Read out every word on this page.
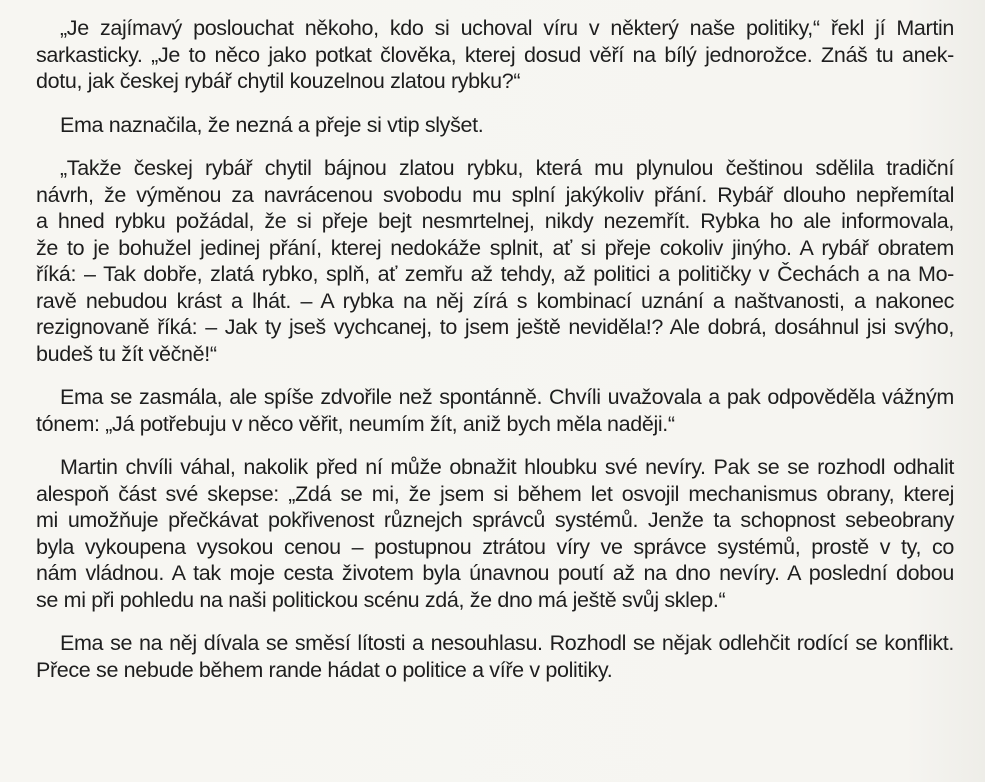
„Je zajímavý poslouchat někoho, kdo si uchoval víru v některý naše politiky,“ řekl jí Martin
sarkasticky. „Je to něco jako potkat člověka, kterej dosud věří na bílý jednorožce. Znáš tu anek-
dotu, jak českej rybář chytil kouzelnou zlatou rybku?“

Ema naznačila, že nezná a přeje si vtip slyšet.

„Takže českej rybář chytil bájnou zlatou rybku, která mu plynulou češtinou sdělila tradiční
návrh, že výměnou za navrácenou svobodu mu splní jakýkoliv přání. Rybář dlouho nepřemítal
a hned rybku požádal, že si přeje bejt nesmrtelnej, nikdy nezemřít. Rybka ho ale informovala,
že to je bohužel jedinej přání, kterej nedokáže splnit, ať si přeje cokoliv jinýho. A rybář obratem
říká: – Tak dobře, zlatá rybko, splň, ať zemřu až tehdy, až politici a političky v Čechách a na Mo-
ravě nebudou krást a lhát. – A rybka na něj zírá s kombinací uznání a naštvanosti, a nakonec
rezignovaně říká: – Jak ty jseš vychcanej, to jsem ještě neviděla!? Ale dobrá, dosáhnul jsi svýho,
budeš tu žít věčně!“

Ema se zasmála, ale spíše zdvořile než spontánně. Chvíli uvažovala a pak odpověděla vážným
tónem: „Já potřebuju v něco věřit, neumím žít, aniž bych měla naději.“

Martin chvíli váhal, nakolik před ní může obnažit hloubku své nevíry. Pak se se rozhodl odhalit
alespoň část své skepse: „Zdá se mi, že jsem si během let osvojil mechanismus obrany, kterej
mi umožňuje přečkávat pokřivenost různejch správců systémů. Jenže ta schopnost sebeobrany
byla vykoupena vysokou cenou – postupnou ztrátou víry ve správce systémů, prostě v ty, co
nám vládnou. A tak moje cesta životem byla únavnou poutí až na dno nevíry. A poslední dobou
se mi při pohledu na naši politickou scénu zdá, že dno má ještě svůj sklep.“

Ema se na něj dívala se směsí lítosti a nesouhlasu. Rozhodl se nějak odlehčit rodící se konflikt.
Přece se nebude během rande hádat o politice a víře v politiky.
